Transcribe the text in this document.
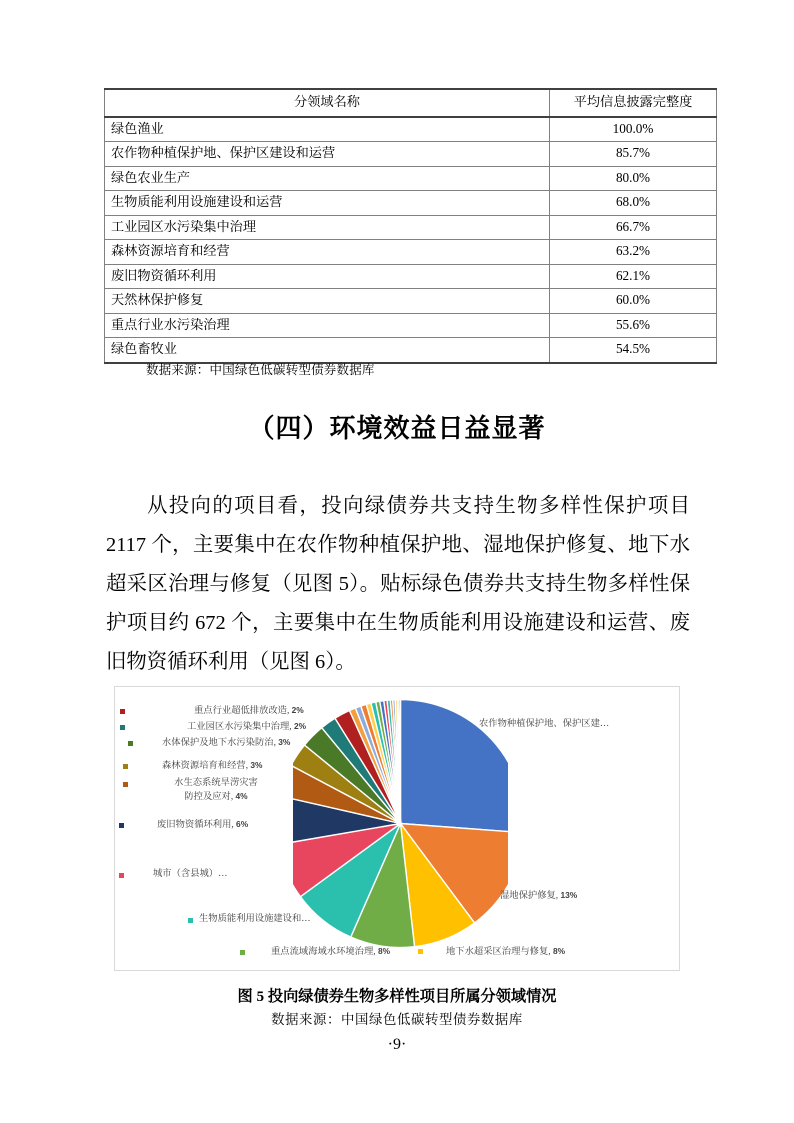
分领域名称	平均信息披露完整度
绿色渔业	100.0%
农作物种植保护地、保护区建设和运营	85.7%
绿色农业生产	80.0%
生物质能利用设施建设和运营	68.0%
工业园区水污染集中治理	66.7%
森林资源培育和经营	63.2%
废旧物资循环利用	62.1%
天然林保护修复	60.0%
重点行业水污染治理	55.6%
绿色畜牧业	54.5%
数据来源：中国绿色低碳转型债券数据库
（四）环境效益日益显著
从投向的项目看，投向绿债券共支持生物多样性保护项目 2117 个，主要集中在农作物种植保护地、湿地保护修复、地下水超采区治理与修复（见图 5）。贴标绿色债券共支持生物多样性保护项目约 672 个，主要集中在生物质能利用设施建设和运营、废旧物资循环利用（见图 6）。
重点行业超低排放改造, 2%
工业园区水污染集中治理, 2%
水体保护及地下水污染防治, 3%
森林资源培育和经营, 3%
水生态系统旱涝灾害
防控及应对, 4%
废旧物资循环利用, 6%
城市（含县城）…
生物质能利用设施建设和…
重点流域海域水环境治理, 8%
农作物种植保护地、保护区建…
湿地保护修复, 13%
地下水超采区治理与修复, 8%
图 5 投向绿债券生物多样性项目所属分领域情况
数据来源：中国绿色低碳转型债券数据库
·9·
